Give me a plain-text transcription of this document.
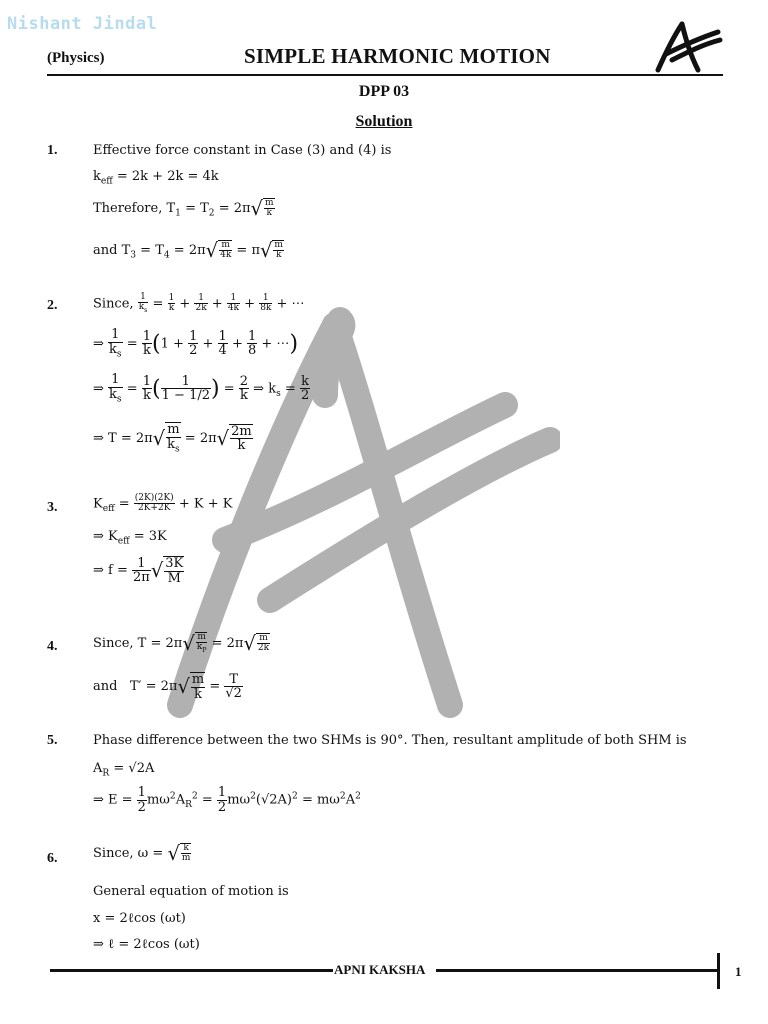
Nishant Jindal
(Physics)	SIMPLE HARMONIC MOTION
DPP 03
Solution
1.	Effective force constant in Case (3) and (4) is
$k_{eff} = 2k + 2k = 4k$
Therefore, $T_1 = T_2 = 2\pi√ \frac{m}{k}$
and $T_3 = T_4 = 2\pi√ \frac{m}{4k} = \pi√ \frac{m}{k}$
2.	Since, $\frac{1}{k_s} = \frac{1}{k} + \frac{1}{2k} + \frac{1}{4k} + \frac{1}{8k}$ + ⋯
⇒ $\frac{1}{k_s} = \frac{1}{k} (1 + \frac{1}{2} + \frac{1}{4} + \frac{1}{8}$ + ⋯)
⇒ $\frac{1}{k_s} = \frac{1}{k}$ ( $\frac{1}{1 - 1/2}$ ) = $\frac{2}{k}$ ⇒ $k_s = \frac{k}{2}$
⇒ $T = 2\pi√ \frac{m}{k_s} = 2\pi√ \frac{2m}{k}$
3.	$K_{eff} = \frac{(2K)(2K)}{2K+2K} + K + K$
⇒ $K_{eff} = 3K$
⇒ $f = \frac{1}{2\pi}$ √ $\frac{3K}{M}$
4.	Since, $T = 2\pi√ \frac{m}{k_P} = 2\pi√ \frac{m}{2k}$
and   $T' = 2\pi√ \frac{m}{k} = \frac{T}{√2}$
5.	Phase difference between the two SHMs is 90°. Then, resultant amplitude of both SHM is
$A_R = √2A$
⇒ $E = \frac{1}{2} m\omega^2A_R^2 = \frac{1}{2} m\omega^2(√2A)^2 = m\omega^2A^2$
6.	Since, ω = √ $\frac{k}{m}$
General equation of motion is
x = 2ℓcos (ωt)
⇒ ℓ = 2ℓcos (ωt)
APNI KAKSHA	1
